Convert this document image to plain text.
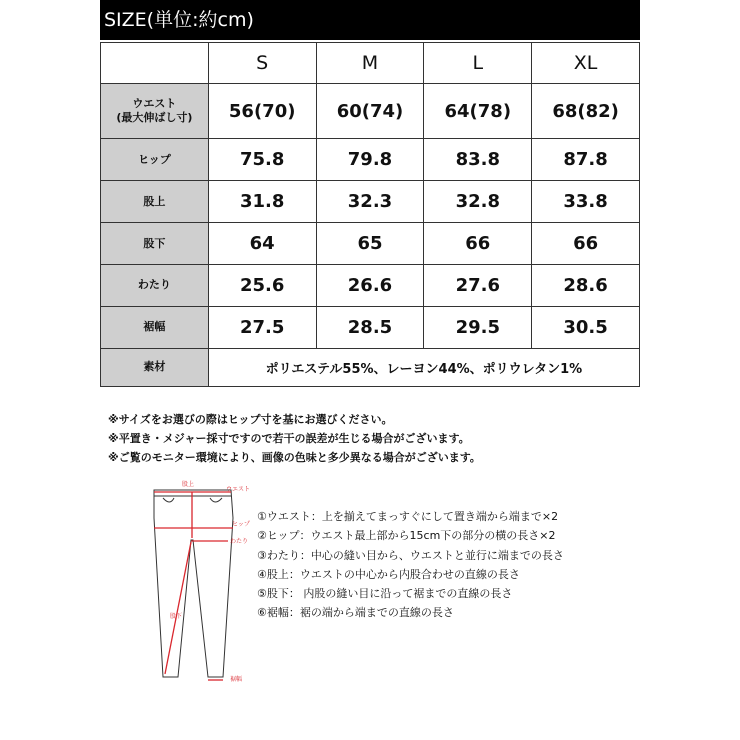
SIZE(単位:約cm)
	S	M	L	XL
ウエスト
(最大伸ばし寸)	56(70)	60(74)	64(78)	68(82)
ヒップ	75.8	79.8	83.8	87.8
股上	31.8	32.3	32.8	33.8
股下	64	65	66	66
わたり	25.6	26.6	27.6	28.6
裾幅	27.5	28.5	29.5	30.5
素材	ポリエステル55%、レーヨン44%、ポリウレタン1%			
※サイズをお選びの際はヒップ寸を基にお選びください。
※平置き・メジャー採寸ですので若干の誤差が生じる場合がございます。
※ご覧のモニター環境により、画像の色味と多少異なる場合がございます。
股上
ウエスト
ヒップ
わたり
股下
裾幅
①ウエスト：上を揃えてまっすぐにして置き端から端まで×2
②ヒップ：ウエスト最上部から15cm下の部分の横の長さ×2
③わたり：中心の縫い目から、ウエストと並行に端までの長さ
④股上：ウエストの中心から内股合わせの直線の長さ
⑤股下： 内股の縫い目に沿って裾までの直線の長さ
⑥裾幅：裾の端から端までの直線の長さ
